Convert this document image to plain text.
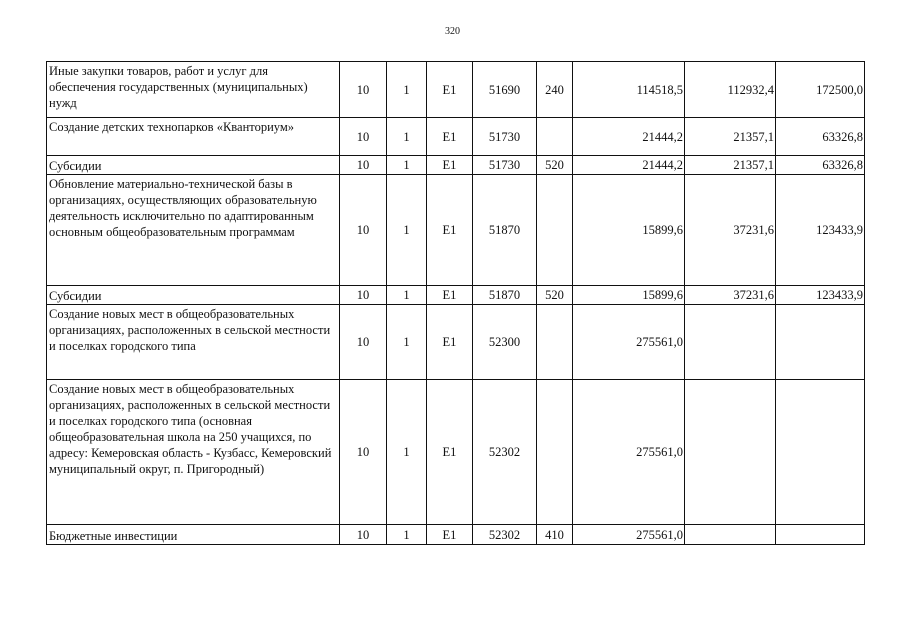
320
Иные закупки товаров, работ и услуг для обеспечения государственных (муниципальных) нужд	10	1	E1	51690	240	114518,5	112932,4	172500,0
Создание детских технопарков «Кванториум»	10	1	E1	51730		21444,2	21357,1	63326,8
Субсидии	10	1	E1	51730	520	21444,2	21357,1	63326,8
Обновление материально-технической базы в организациях, осуществляющих образовательную деятельность исключительно по адаптированным основным общеобразовательным программам	10	1	E1	51870		15899,6	37231,6	123433,9
Субсидии	10	1	E1	51870	520	15899,6	37231,6	123433,9
Создание новых мест в общеобразовательных организациях, расположенных в сельской местности и поселках городского типа	10	1	E1	52300		275561,0		
Создание новых мест в общеобразовательных организациях, расположенных в сельской местности и поселках городского типа (основная общеобразовательная школа на 250 учащихся, по адресу: Кемеровская область - Кузбасс, Кемеровский муниципальный округ, п. Пригородный)	10	1	E1	52302		275561,0		
Бюджетные инвестиции	10	1	E1	52302	410	275561,0		
